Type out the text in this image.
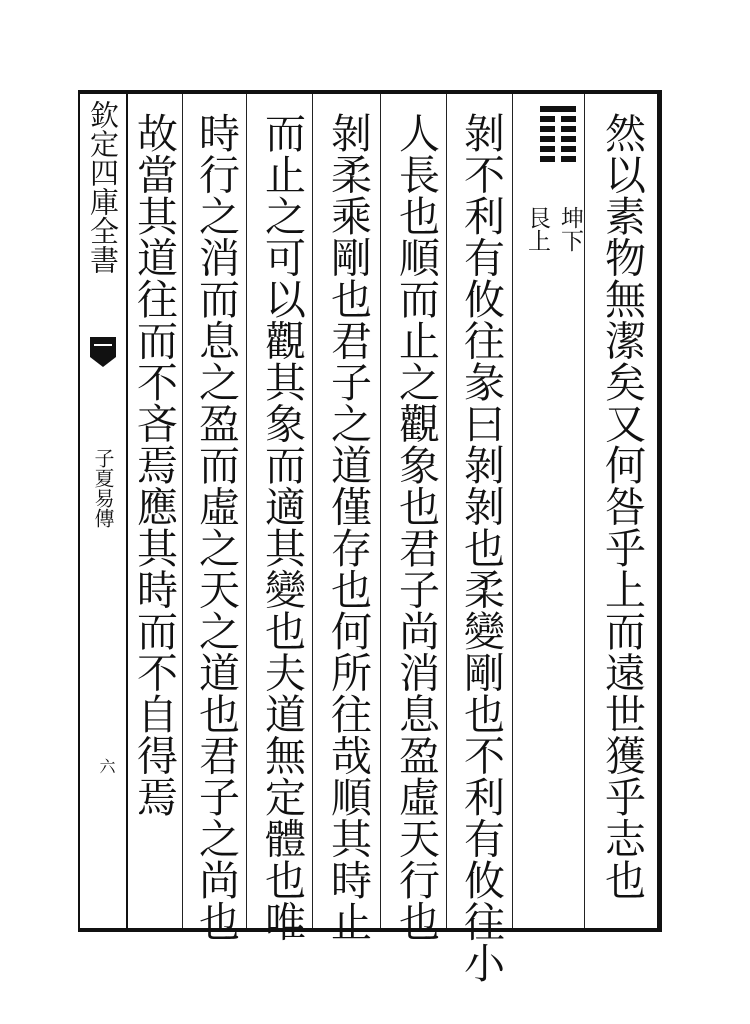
欽定四庫全書
子夏易傳
六
坤下
艮上 然以素物無潔矣又何咎乎上而遠世獲乎志也
剝不利有攸往彖曰剝剝也柔變剛也不利有攸往小
人長也順而止之觀象也君子尚消息盈虛天行也
剝柔乘剛也君子之道僅存也何所往哉順其時止
而止之可以觀其象而適其變也夫道無定體也唯
時行之消而息之盈而虛之天之道也君子之尚也
故當其道往而不吝焉應其時而不自得焉
